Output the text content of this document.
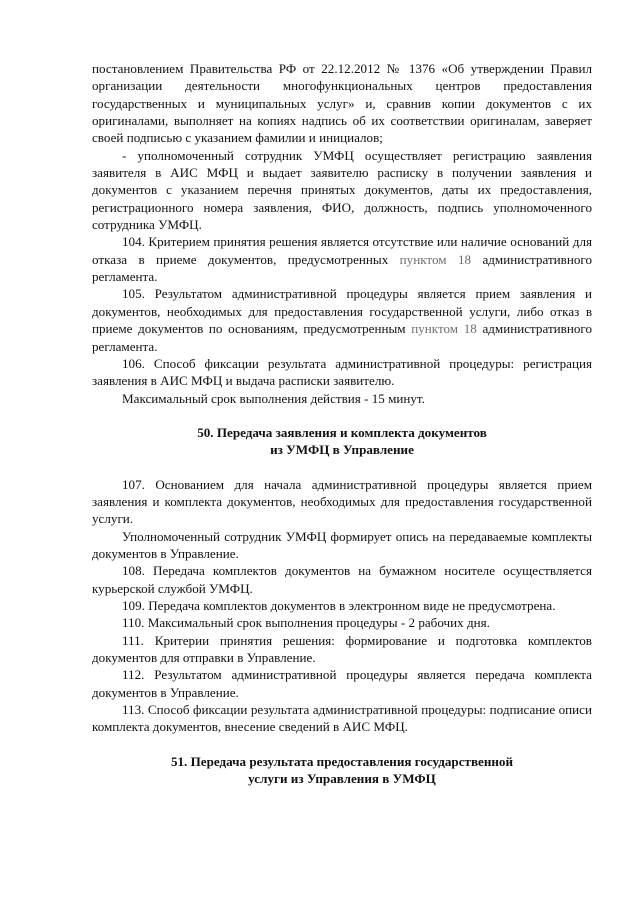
постановлением Правительства РФ от 22.12.2012 № 1376 «Об утверждении Правил организации деятельности многофункциональных центров предоставления государственных и муниципальных услуг» и, сравнив копии документов с их оригиналами, выполняет на копиях надпись об их соответствии оригиналам, заверяет своей подписью с указанием фамилии и инициалов;

- уполномоченный сотрудник УМФЦ осуществляет регистрацию заявления заявителя в АИС МФЦ и выдает заявителю расписку в получении заявления и документов с указанием перечня принятых документов, даты их предоставления, регистрационного номера заявления, ФИО, должность, подпись уполномоченного сотрудника УМФЦ.

104. Критерием принятия решения является отсутствие или наличие оснований для отказа в приеме документов, предусмотренных пунктом 18 административного регламента.

105. Результатом административной процедуры является прием заявления и документов, необходимых для предоставления государственной услуги, либо отказ в приеме документов по основаниям, предусмотренным пунктом 18 административного регламента.

106. Способ фиксации результата административной процедуры: регистрация заявления в АИС МФЦ и выдача расписки заявителю.

Максимальный срок выполнения действия - 15 минут.

50. Передача заявления и комплекта документов

из УМФЦ в Управление

107. Основанием для начала административной процедуры является прием заявления и комплекта документов, необходимых для предоставления государственной услуги.

Уполномоченный сотрудник УМФЦ формирует опись на передаваемые комплекты документов в Управление.

108. Передача комплектов документов на бумажном носителе осуществляется курьерской службой УМФЦ.

109. Передача комплектов документов в электронном виде не предусмотрена.

110. Максимальный срок выполнения процедуры - 2 рабочих дня.

111. Критерии принятия решения: формирование и подготовка комплектов документов для отправки в Управление.

112. Результатом административной процедуры является передача комплекта документов в Управление.

113. Способ фиксации результата административной процедуры: подписание описи комплекта документов, внесение сведений в АИС МФЦ.

51. Передача результата предоставления государственной

услуги из Управления в УМФЦ
